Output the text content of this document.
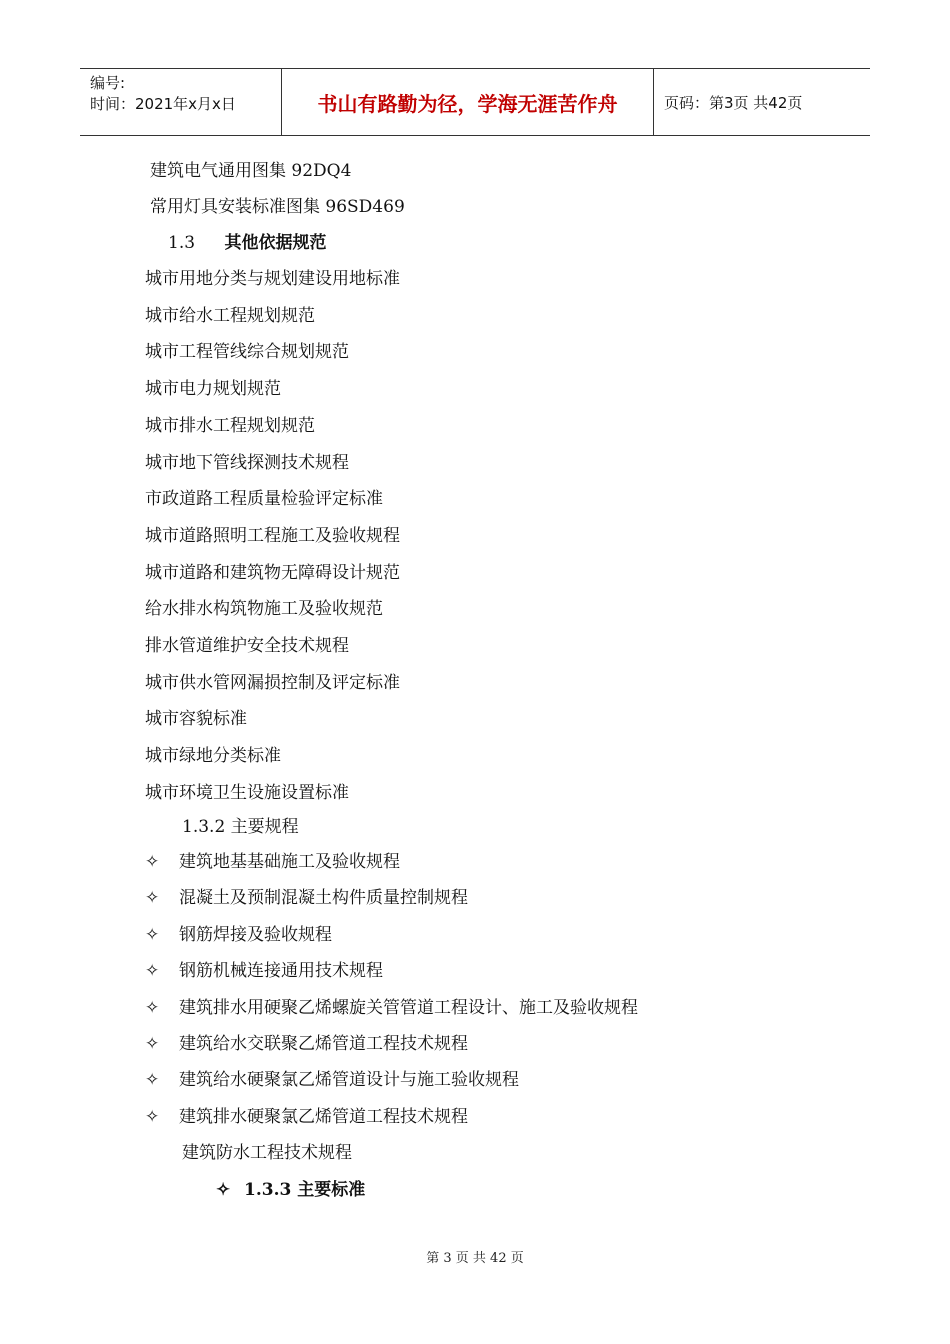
编号:
时间：2021年x月x日	书山有路勤为径，学海无涯苦作舟	页码：第3页 共42页
建筑电气通用图集 92DQ4
常用灯具安装标准图集 96SD469
1.3 其他依据规范
城市用地分类与规划建设用地标准
城市给水工程规划规范
城市工程管线综合规划规范
城市电力规划规范
城市排水工程规划规范
城市地下管线探测技术规程
市政道路工程质量检验评定标准
城市道路照明工程施工及验收规程
城市道路和建筑物无障碍设计规范
给水排水构筑物施工及验收规范
排水管道维护安全技术规程
城市供水管网漏损控制及评定标准
城市容貌标准
城市绿地分类标准
城市环境卫生设施设置标准
1.3.2 主要规程
✧ 建筑地基基础施工及验收规程
✧ 混凝土及预制混凝土构件质量控制规程
✧ 钢筋焊接及验收规程
✧ 钢筋机械连接通用技术规程
✧ 建筑排水用硬聚乙烯螺旋关管管道工程设计、施工及验收规程
✧ 建筑给水交联聚乙烯管道工程技术规程
✧ 建筑给水硬聚氯乙烯管道设计与施工验收规程
✧ 建筑排水硬聚氯乙烯管道工程技术规程
建筑防水工程技术规程
✧ 1.3.3 主要标准
第 3 页 共 42 页
